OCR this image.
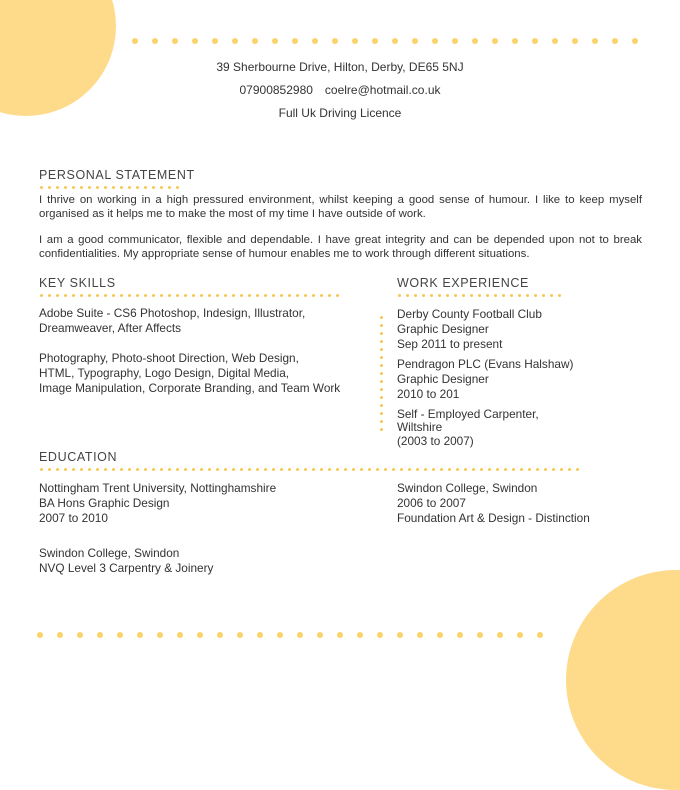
39 Sherbourne Drive, Hilton, Derby, DE65 5NJ
07900852980 coelre@hotmail.co.uk
Full Uk Driving Licence
PERSONAL STATEMENT

I thrive on working in a high pressured environment, whilst keeping a good sense of humour. I like to keep myself organised as it helps me to make the most of my time I have outside of work.

I am a good communicator, flexible and dependable. I have great integrity and can be depended upon not to break confidentialities. My appropriate sense of humour enables me to work through different situations.

KEY SKILLS
Adobe Suite - CS6 Photoshop, Indesign, Illustrator,
Dreamweaver, After Affects
Photography, Photo-shoot Direction, Web Design,
HTML, Typography, Logo Design, Digital Media,
Image Manipulation, Corporate Branding, and Team Work
WORK EXPERIENCE
Derby County Football Club
Graphic Designer
Sep 2011 to present
Pendragon PLC (Evans Halshaw)
Graphic Designer
2010 to 201
Self - Employed Carpenter,
Wiltshire
(2003 to 2007)
EDUCATION
Nottingham Trent University, Nottinghamshire
BA Hons Graphic Design
2007 to 2010
Swindon College, Swindon
NVQ Level 3 Carpentry & Joinery
Swindon College, Swindon
2006 to 2007
Foundation Art & Design - Distinction
